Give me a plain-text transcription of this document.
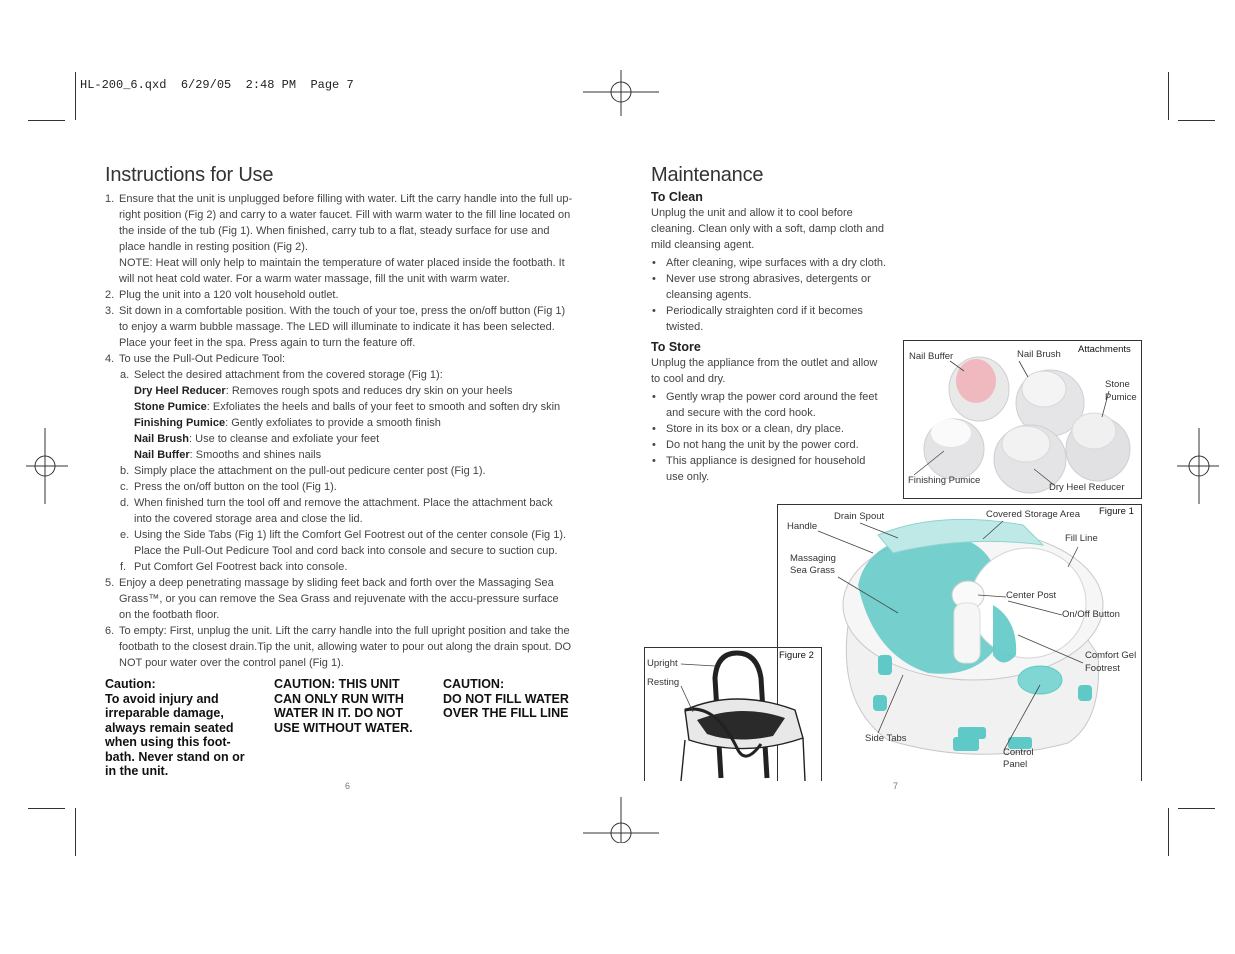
HL-200_6.qxd  6/29/05  2:48 PM  Page 7
Instructions for Use
1. Ensure that the unit is unplugged before filling with water. Lift the carry handle into the full up-
right position (Fig 2) and carry to a water faucet. Fill with warm water to the fill line located on
the inside of the tub (Fig 1). When finished, carry tub to a flat, steady surface for use and
place handle in resting position (Fig 2).
NOTE: Heat will only help to maintain the temperature of water placed inside the footbath. It
will not heat cold water. For a warm water massage, fill the unit with warm water.
2. Plug the unit into a 120 volt household outlet.
3. Sit down in a comfortable position. With the touch of your toe, press the on/off button (Fig 1)
to enjoy a warm bubble massage. The LED will illuminate to indicate it has been selected.
Place your feet in the spa. Press again to turn the feature off.
4. To use the Pull-Out Pedicure Tool:
a. Select the desired attachment from the covered storage (Fig 1):
Dry Heel Reducer: Removes rough spots and reduces dry skin on your heels
Stone Pumice: Exfoliates the heels and balls of your feet to smooth and soften dry skin
Finishing Pumice: Gently exfoliates to provide a smooth finish
Nail Brush: Use to cleanse and exfoliate your feet
Nail Buffer: Smooths and shines nails
b. Simply place the attachment on the pull-out pedicure center post (Fig 1).
c. Press the on/off button on the tool (Fig 1).
d. When finished turn the tool off and remove the attachment. Place the attachment back
into the covered storage area and close the lid.
e. Using the Side Tabs (Fig 1) lift the Comfort Gel Footrest out of the center console (Fig 1).
Place the Pull-Out Pedicure Tool and cord back into console and secure to suction cup.
f. Put Comfort Gel Footrest back into console.
5. Enjoy a deep penetrating massage by sliding feet back and forth over the Massaging Sea
Grass™, or you can remove the Sea Grass and rejuvenate with the accu-pressure surface
on the footbath floor.
6. To empty: First, unplug the unit. Lift the carry handle into the full upright position and take the
footbath to the closest drain.Tip the unit, allowing water to pour out along the drain spout. DO
NOT pour water over the control panel (Fig 1).
Caution:
To avoid injury and
irreparable damage,
always remain seated
when using this foot-
bath. Never stand on or
in the unit.
CAUTION: THIS UNIT
CAN ONLY RUN WITH
WATER IN IT. DO NOT
USE WITHOUT WATER.
CAUTION:
DO NOT FILL WATER
OVER THE FILL LINE
6
Maintenance
To Clean
Unplug the unit and allow it to cool before
cleaning. Clean only with a soft, damp cloth and
mild cleansing agent.
• After cleaning, wipe surfaces with a dry cloth.
• Never use strong abrasives, detergents or
cleansing agents.
• Periodically straighten cord if it becomes
twisted.
To Store
Unplug the appliance from the outlet and allow
to cool and dry.
• Gently wrap the power cord around the feet
and secure with the cord hook.
• Store in its box or a clean, dry place.
• Do not hang the unit by the power cord.
• This appliance is designed for household
use only.
Attachments
Nail Buffer	Nail Brush
Stone
Pumice
Finishing Pumice
Dry Heel Reducer
Figure 1
Handle
Drain Spout	Covered Storage Area
Fill Line
Massaging
Sea Grass
Center Post
On/Off Button
Comfort Gel
Footrest
Side Tabs
Control
Panel
Figure 2
Upright
Resting
7
